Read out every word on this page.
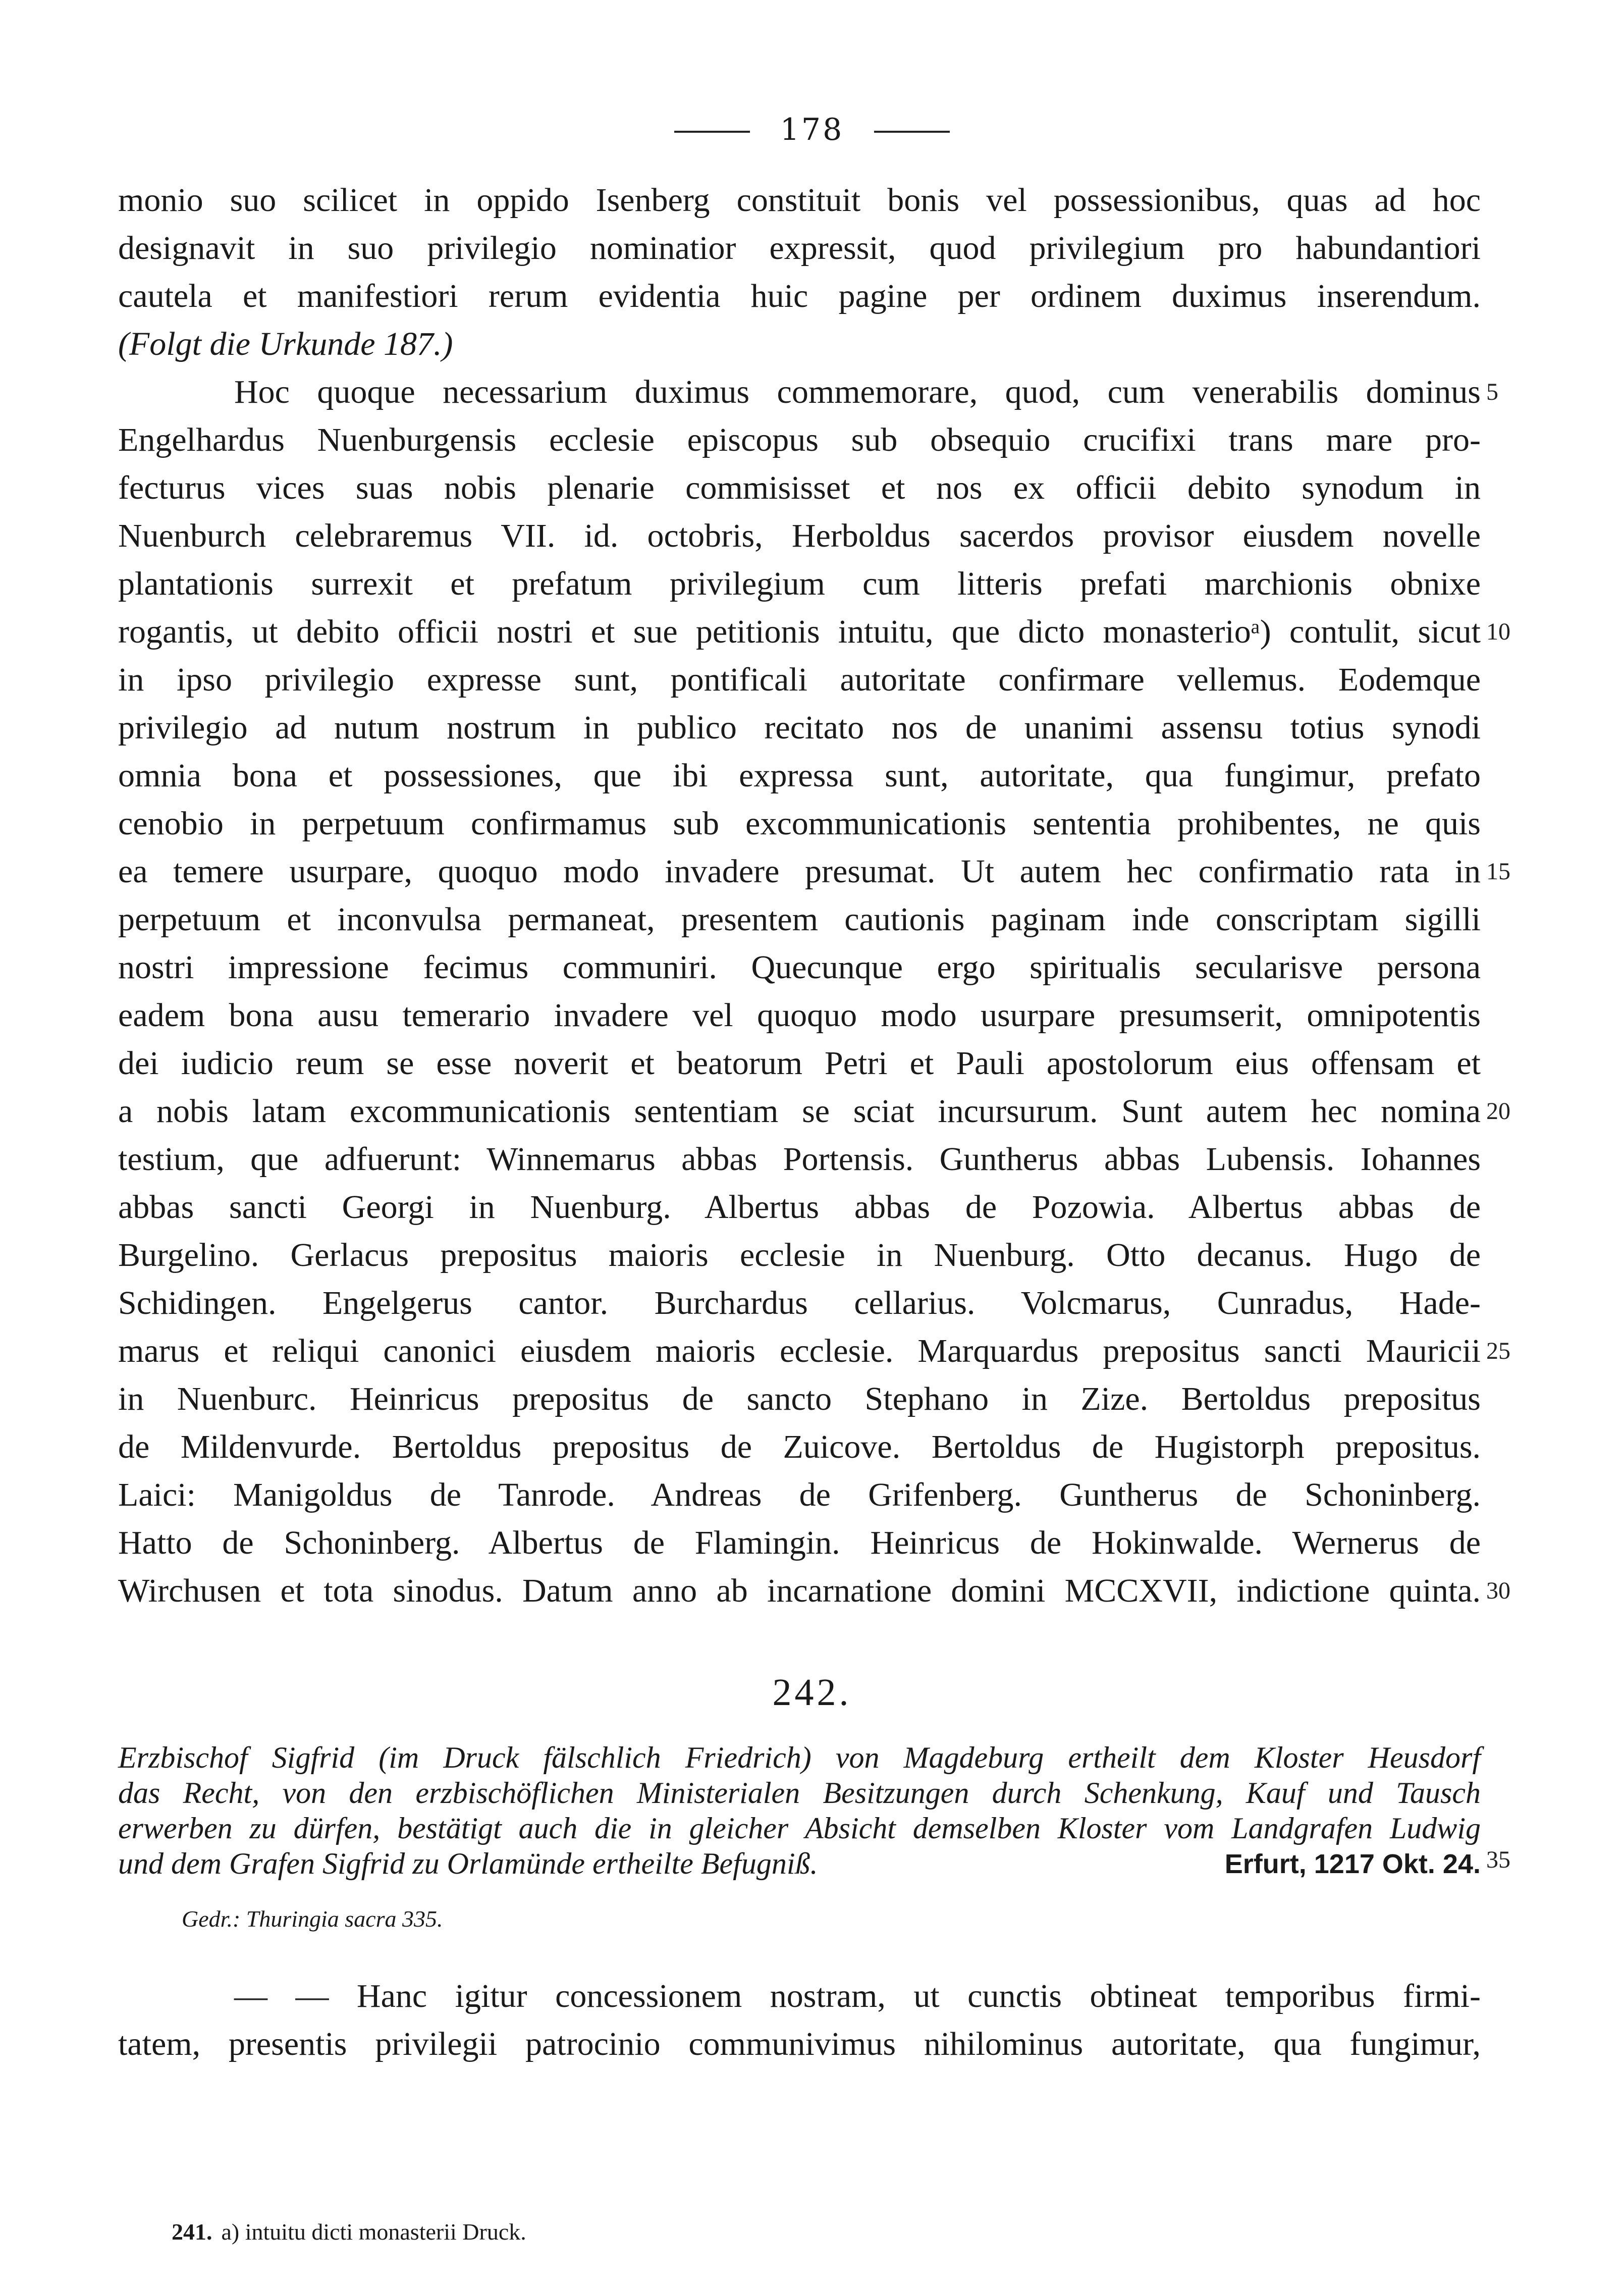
178
monio suo scilicet in oppido Isenberg constituit bonis vel possessionibus, quas ad hoc
designavit in suo privilegio nominatior expressit, quod privilegium pro habundantiori
cautela et manifestiori rerum evidentia huic pagine per ordinem duximus inserendum.
(Folgt die Urkunde 187.)
Hoc quoque necessarium duximus commemorare, quod, cum venerabilis dominus
Engelhardus Nuenburgensis ecclesie episcopus sub obsequio crucifixi trans mare pro-
fecturus vices suas nobis plenarie commisisset et nos ex officii debito synodum in
Nuenburch celebraremus VII. id. octobris, Herboldus sacerdos provisor eiusdem novelle
plantationis surrexit et prefatum privilegium cum litteris prefati marchionis obnixe
rogantis, ut debito officii nostri et sue petitionis intuitu, que dicto monasterioᵃ) contulit, sicut
in ipso privilegio expresse sunt, pontificali autoritate confirmare vellemus. Eodemque
privilegio ad nutum nostrum in publico recitato nos de unanimi assensu totius synodi
omnia bona et possessiones, que ibi expressa sunt, autoritate, qua fungimur, prefato
cenobio in perpetuum confirmamus sub excommunicationis sententia prohibentes, ne quis
ea temere usurpare, quoquo modo invadere presumat. Ut autem hec confirmatio rata in
perpetuum et inconvulsa permaneat, presentem cautionis paginam inde conscriptam sigilli
nostri impressione fecimus communiri. Quecunque ergo spiritualis secularisve persona
eadem bona ausu temerario invadere vel quoquo modo usurpare presumserit, omnipotentis
dei iudicio reum se esse noverit et beatorum Petri et Pauli apostolorum eius offensam et
a nobis latam excommunicationis sententiam se sciat incursurum. Sunt autem hec nomina
testium, que adfuerunt: Winnemarus abbas Portensis. Guntherus abbas Lubensis. Iohannes
abbas sancti Georgi in Nuenburg. Albertus abbas de Pozowia. Albertus abbas de
Burgelino. Gerlacus prepositus maioris ecclesie in Nuenburg. Otto decanus. Hugo de
Schidingen. Engelgerus cantor. Burchardus cellarius. Volcmarus, Cunradus, Hade-
marus et reliqui canonici eiusdem maioris ecclesie. Marquardus prepositus sancti Mauricii
in Nuenburc. Heinricus prepositus de sancto Stephano in Zize. Bertoldus prepositus
de Mildenvurde. Bertoldus prepositus de Zuicove. Bertoldus de Hugistorph prepositus.
Laici: Manigoldus de Tanrode. Andreas de Grifenberg. Guntherus de Schoninberg.
Hatto de Schoninberg. Albertus de Flamingin. Heinricus de Hokinwalde. Wernerus de
Wirchusen et tota sinodus. Datum anno ab incarnatione domini MCCXVII, indictione quinta.
5
10
15
20
25
30
35
242.
Erzbischof Sigfrid (im Druck fälschlich Friedrich) von Magdeburg ertheilt dem Kloster Heusdorf
das Recht, von den erzbischöflichen Ministerialen Besitzungen durch Schenkung, Kauf und Tausch
erwerben zu dürfen, bestätigt auch die in gleicher Absicht demselben Kloster vom Landgrafen Ludwig
und dem Grafen Sigfrid zu Orlamünde ertheilte Befugniß.	Erfurt, 1217 Okt. 24.
Gedr.: Thuringia sacra 335.
— — Hanc igitur concessionem nostram, ut cunctis obtineat temporibus firmi-
tatem, presentis privilegii patrocinio communivimus nihilominus autoritate, qua fungimur,
241. a) intuitu dicti monasterii Druck.
